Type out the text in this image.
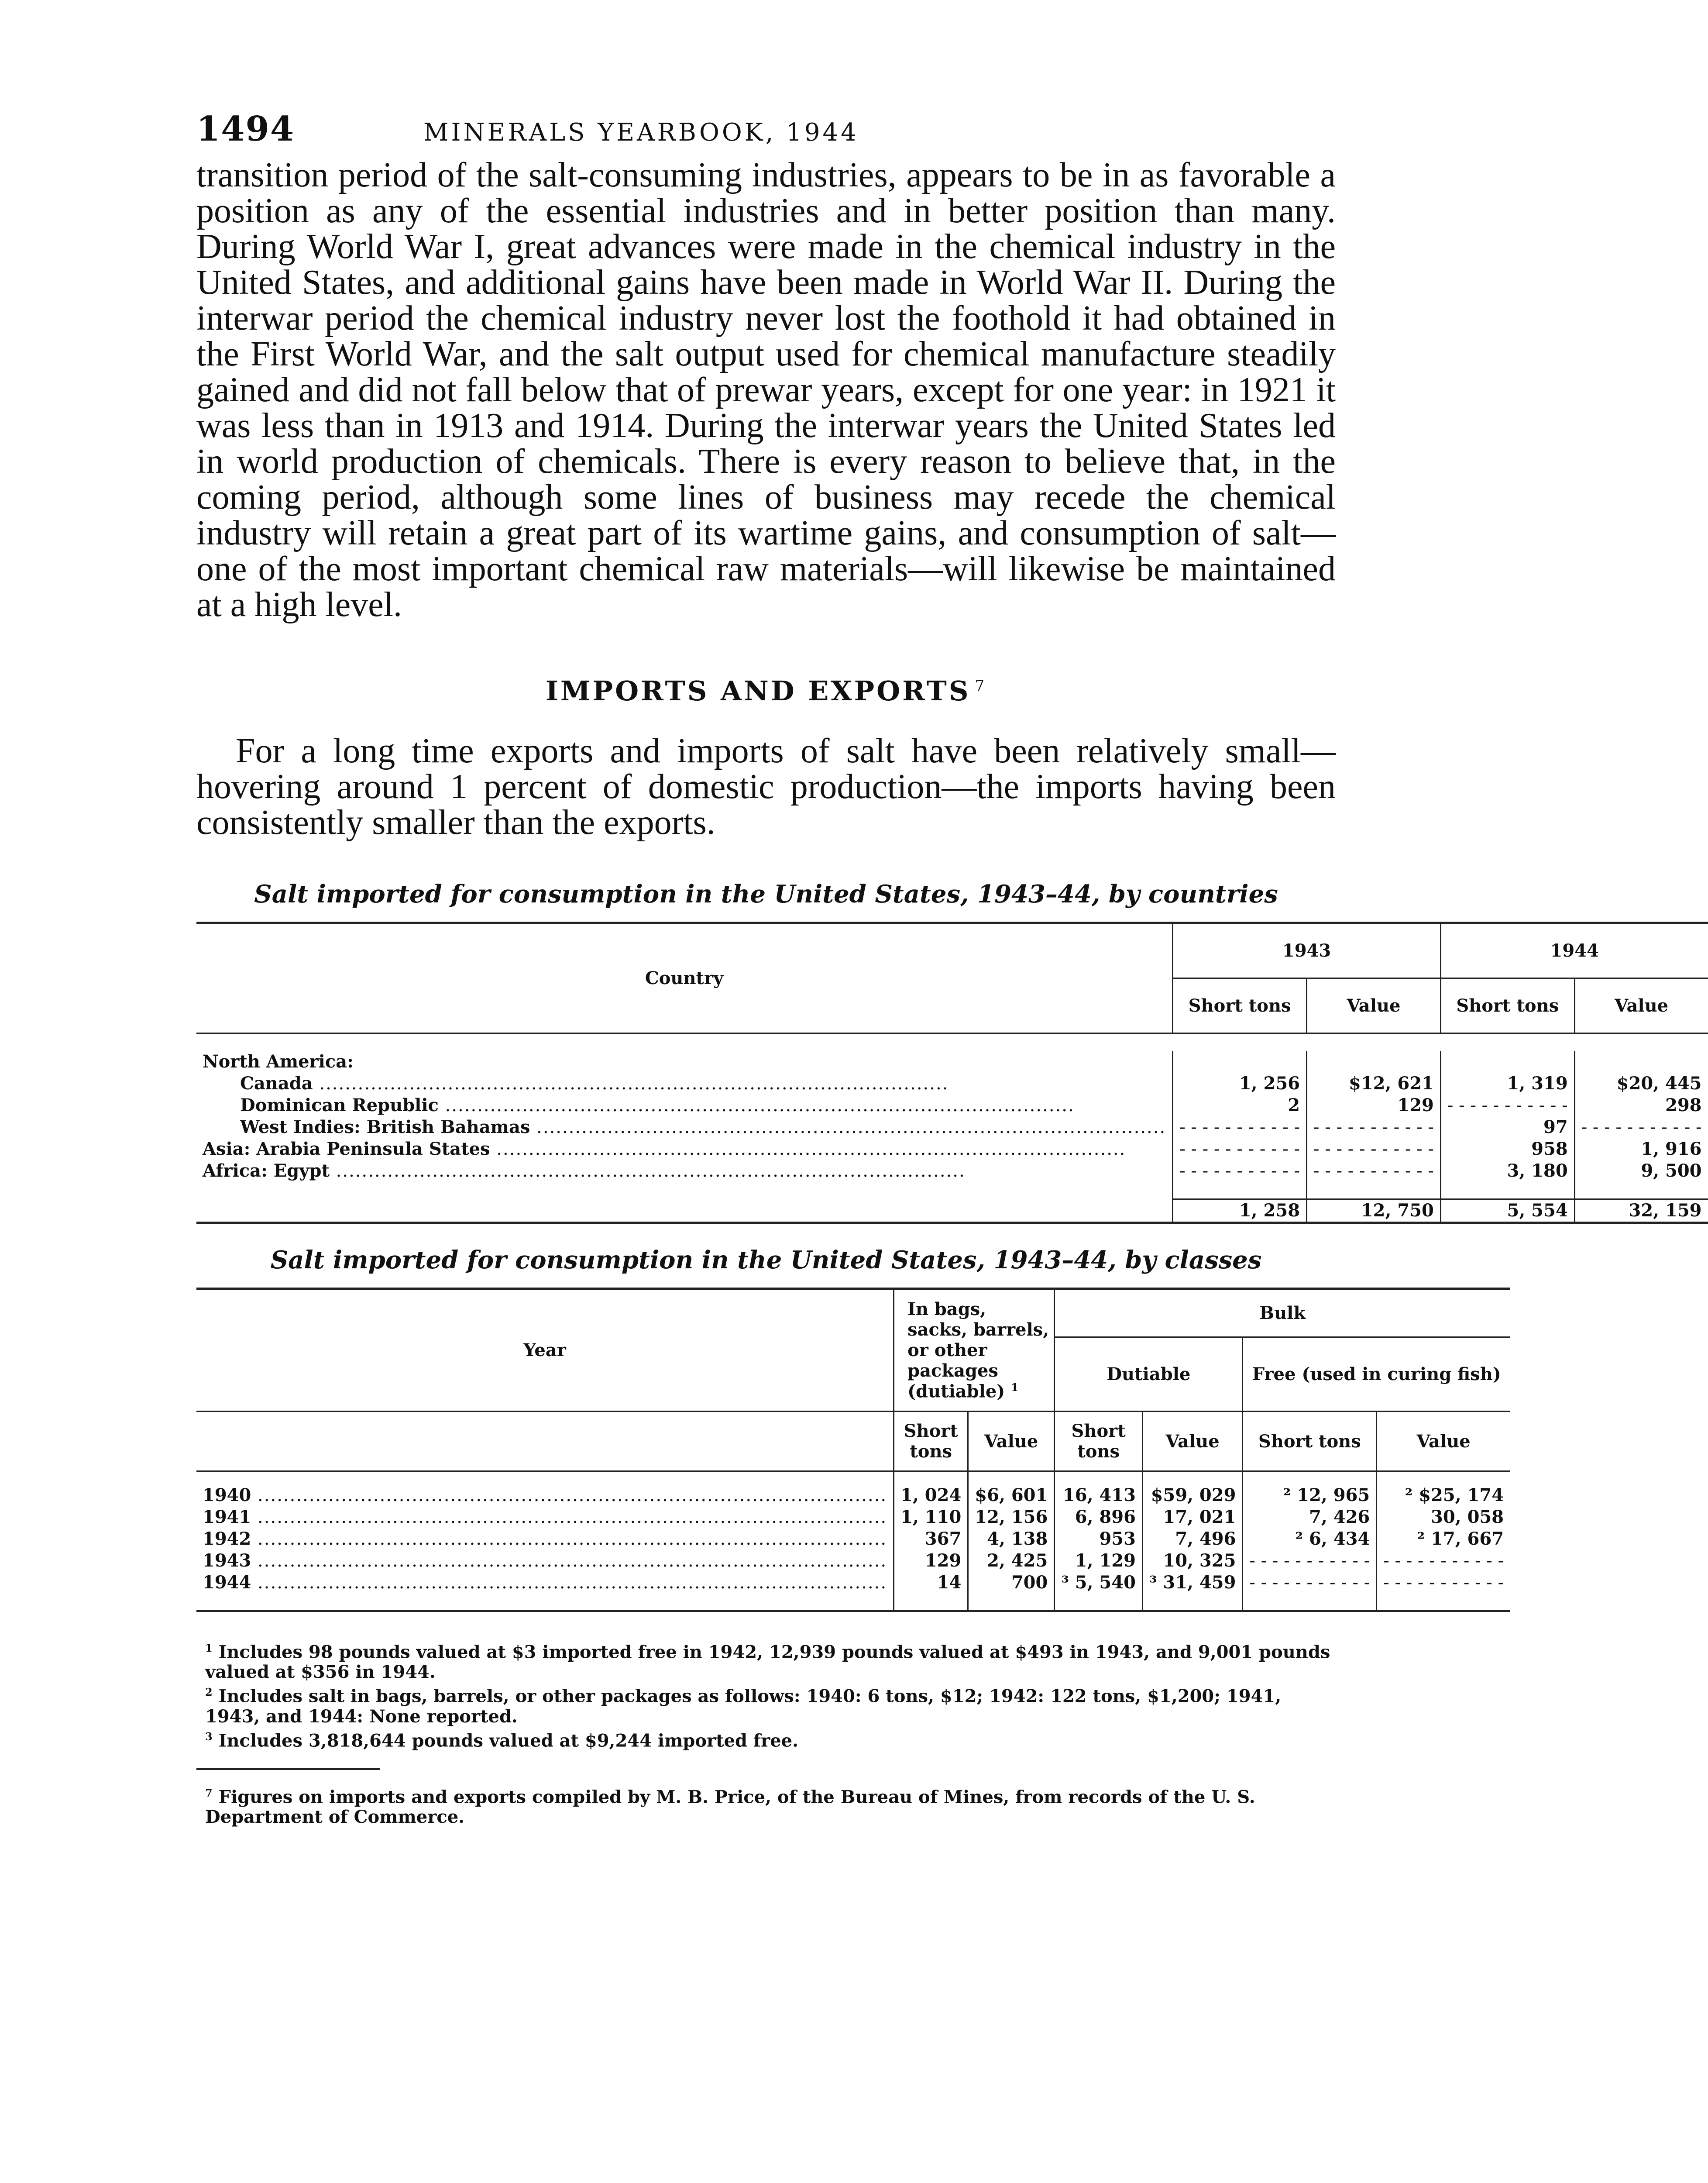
1494	MINERALS YEARBOOK, 1944

transition period of the salt-consuming industries, appears to be in as favorable a position as any of the essential industries and in better position than many. During World War I, great advances were made in the chemical industry in the United States, and additional gains have been made in World War II. During the interwar period the chemical industry never lost the foothold it had obtained in the First World War, and the salt output used for chemical manufacture steadily gained and did not fall below that of prewar years, except for one year: in 1921 it was less than in 1913 and 1914. During the interwar years the United States led in world production of chemicals. There is every reason to believe that, in the coming period, although some lines of business may recede the chemical industry will retain a great part of its wartime gains, and consumption of salt—one of the most important chemical raw materials—will likewise be maintained at a high level.

IMPORTS AND EXPORTS $^7$

For a long time exports and imports of salt have been relatively small—hovering around 1 percent of domestic production—the imports having been consistently smaller than the exports.

Salt imported for consumption in the United States, 1943–44, by countries

Country	1943		1944	
	Short tons	Value	Short tons	Value

North America:				
Canada .....	1, 256	$12, 621	1, 319	$20, 445
Dominican Republic .....	2	129	- - -	298
West Indies: British Bahamas .....	- - -	- - -	97	- - -
Asia: Arabia Peninsula States .....	- - -	- - -	958	1, 916
Africa: Egypt .....	- - -	- - -	3, 180	9, 500

	1, 258	12, 750	5, 554	32, 159

Salt imported for consumption in the United States, 1943–44, by classes

Year	In bags, sacks, barrels, or other packages (dutiable) $^1$		Bulk			
			Dutiable		Free (used in curing fish)	
	Short tons	Value	Short tons	Value	Short tons	Value

1940 .....	1, 024	$6, 601	16, 413	$59, 029	² 12, 965	² $25, 174
1941 .....	1, 110	12, 156	6, 896	17, 021	7, 426	30, 058
1942 .....	367	4, 138	953	7, 496	² 6, 434	² 17, 667
1943 .....	129	2, 425	1, 129	10, 325	- - -	- - -
1944 .....	14	700	³ 5, 540	³ 31, 459	- - -	- - -

$^1$ Includes 98 pounds valued at $3 imported free in 1942, 12,939 pounds valued at $493 in 1943, and 9,001 pounds valued at $356 in 1944.

$^2$ Includes salt in bags, barrels, or other packages as follows: 1940: 6 tons, $12; 1942: 122 tons, $1,200; 1941, 1943, and 1944: None reported.

$^3$ Includes 3,818,644 pounds valued at $9,244 imported free.

$^7$ Figures on imports and exports compiled by M. B. Price, of the Bureau of Mines, from records of the U. S. Department of Commerce.
